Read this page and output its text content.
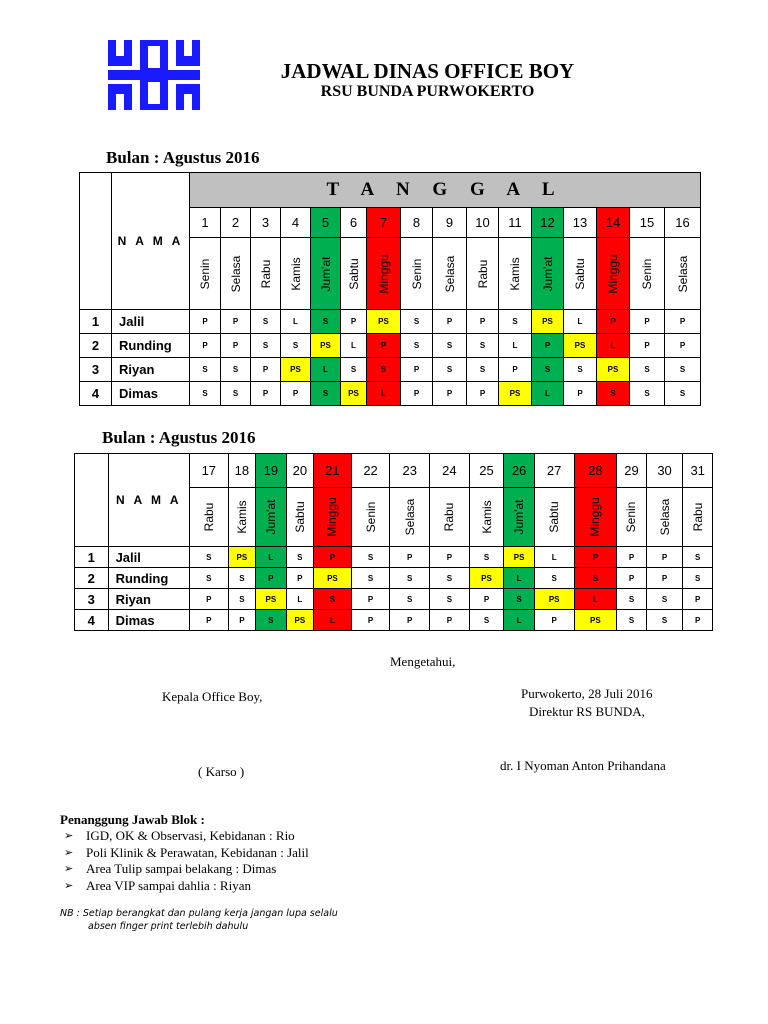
JADWAL DINAS OFFICE BOY
RSU BUNDA PURWOKERTO
Bulan : Agustus 2016
	N A M A	T A N G G A L															
		1	2	3	4	5	6	7	8	9	10	11	12	13	14	15	16

		Senin	Selasa	Rabu	Kamis	Jum'at	Sabtu	Minggu	Senin	Selasa	Rabu	Kamis	Jum'at	Sabtu	Minggu	Senin	Selasa

1	Jalil	P	P	S	L	S	P	PS	S	P	P	S	PS	L	P	P	P
2	Runding	P	P	S	S	PS	L	P	S	S	S	L	P	PS	L	P	P
3	Riyan	S	S	P	PS	L	S	S	P	S	S	P	S	S	PS	S	S
4	Dimas	S	S	P	P	S	PS	L	P	P	P	PS	L	P	S	S	S
Bulan : Agustus 2016
	N A M A	17	18	19	20	21	22	23	24	25	26	27	28	29	30	31

		Rabu	Kamis	Jum'at	Sabtu	Minggu	Senin	Selasa	Rabu	Kamis	Jum'at	Sabtu	Minggu	Senin	Selasa	Rabu

1	Jalil	S	PS	L	S	P	S	P	P	S	PS	L	P	P	P	S
2	Runding	S	S	P	P	PS	S	S	S	PS	L	S	S	P	P	S
3	Riyan	P	S	PS	L	S	P	S	S	P	S	PS	L	S	S	P
4	Dimas	P	P	S	PS	L	P	P	P	S	L	P	PS	S	S	P
Mengetahui,
Kepala Office Boy,	Purwokerto, 28 Juli 2016
Direktur RS BUNDA,
( Karso )	dr. I Nyoman Anton Prihandana
Penanggung Jawab Blok :
➢ IGD, OK & Observasi, Kebidanan : Rio
➢ Poli Klinik & Perawatan, Kebidanan : Jalil
➢ Area Tulip sampai belakang : Dimas
➢ Area VIP sampai dahlia : Riyan
NB : Setiap berangkat dan pulang kerja jangan lupa selalu
absen finger print terlebih dahulu
